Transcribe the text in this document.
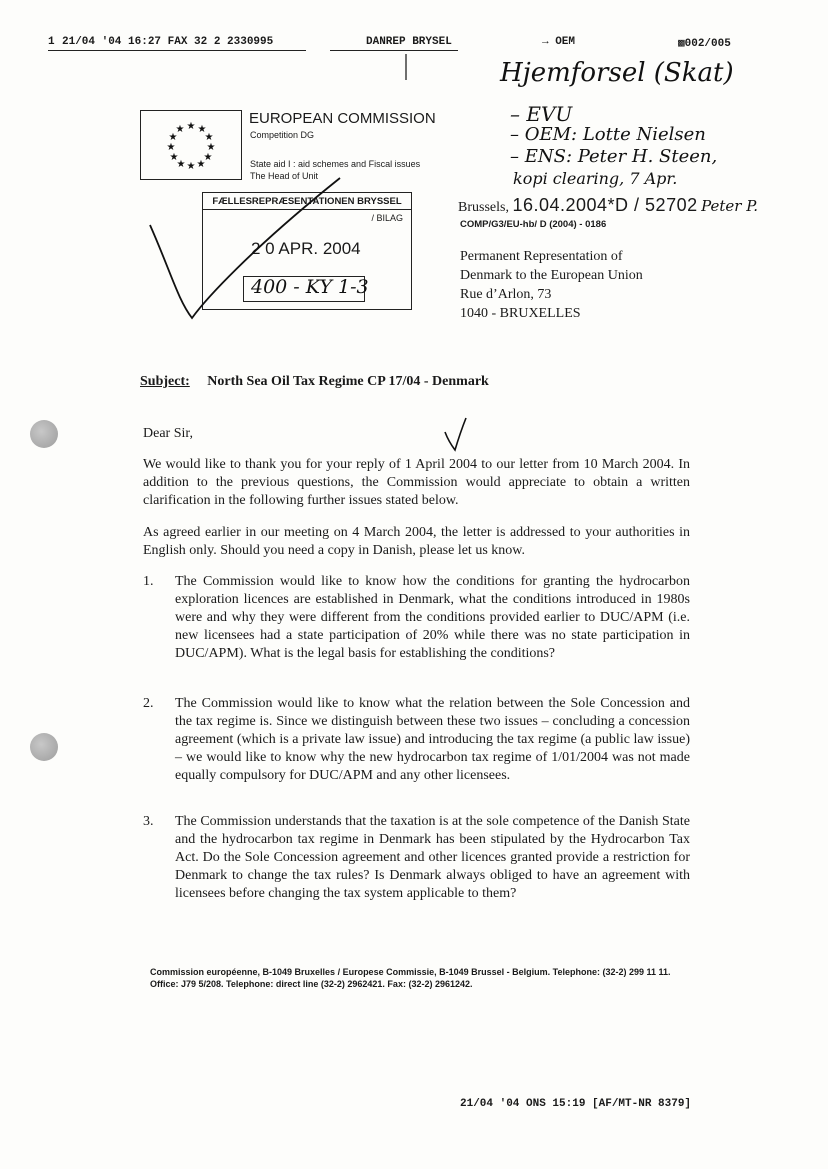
1 21/04 '04 16:27 FAX 32 2 2330995	DANREP BRYSEL	→ OEM	▩002/005
★ ★
★
★
★
★
★
★
★
★
★
★
EUROPEAN COMMISSION
Competition DG
State aid I : aid schemes and Fiscal issues
The Head of Unit
FÆLLESREPRÆSENTATIONEN BRYSSEL
/ BILAG
2 0 APR. 2004
400 - KY 1-3
Hjemforsel (Skat)
– EVU
– OEM: Lotte Nielsen
– ENS: Peter H. Steen,
kopi clearing, 7 Apr.
Brussels, 16.04.2004*D / 52702 Peter P.
COMP/G3/EU-hb/ D (2004) - 0186
Permanent Representation of
Denmark to the European Union
Rue d’Arlon, 73
1040 - BRUXELLES
Subject: North Sea Oil Tax Regime CP 17/04 - Denmark
Dear Sir,
We would like to thank you for your reply of 1 April 2004 to our letter from 10 March 2004. In addition to the previous questions, the Commission would appreciate to obtain a written clarification in the following further issues stated below.
As agreed earlier in our meeting on 4 March 2004, the letter is addressed to your authorities in English only. Should you need a copy in Danish, please let us know.
1. The Commission would like to know how the conditions for granting the hydrocarbon exploration licences are established in Denmark, what the conditions introduced in 1980s were and why they were different from the conditions provided earlier to DUC/APM (i.e. new licensees had a state participation of 20% while there was no state participation in DUC/APM). What is the legal basis for establishing the conditions?
2. The Commission would like to know what the relation between the Sole Concession and the tax regime is. Since we distinguish between these two issues – concluding a concession agreement (which is a private law issue) and introducing the tax regime (a public law issue) – we would like to know why the new hydrocarbon tax regime of 1/01/2004 was not made equally compulsory for DUC/APM and any other licensees.
3. The Commission understands that the taxation is at the sole competence of the Danish State and the hydrocarbon tax regime in Denmark has been stipulated by the Hydrocarbon Tax Act. Do the Sole Concession agreement and other licences granted provide a restriction for Denmark to change the tax rules? Is Denmark always obliged to have an agreement with licensees before changing the tax system applicable to them?
Commission européenne, B-1049 Bruxelles / Europese Commissie, B-1049 Brussel - Belgium. Telephone: (32-2) 299 11 11.
Office: J79 5/208. Telephone: direct line (32-2) 2962421. Fax: (32-2) 2961242.
21/04 '04 ONS 15:19 [AF/MT-NR 8379]
